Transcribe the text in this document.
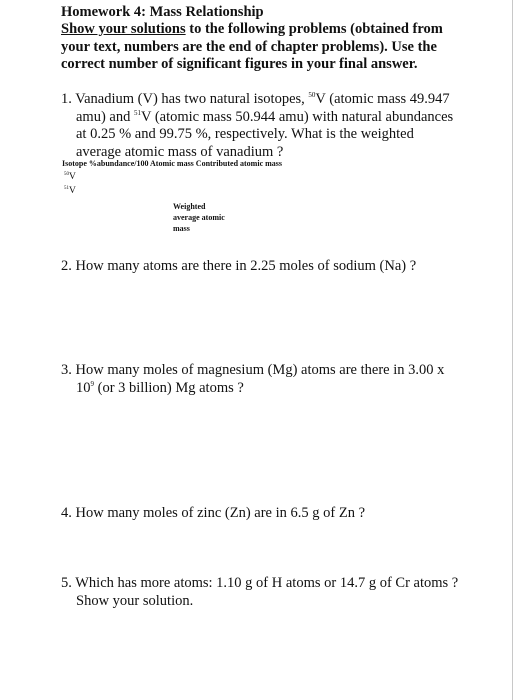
Homework 4: Mass Relationship
Show your solutions to the following problems (obtained from your text, numbers are the end of chapter problems). Use the correct number of significant figures in your final answer.
1. Vanadium (V) has two natural isotopes, $^{50}$V (atomic mass 49.947 amu) and $^{51}$V (atomic mass 50.944 amu) with natural abundances at 0.25 % and 99.75 %, respectively. What is the weighted average atomic mass of vanadium ?
Isotope %abundance/100 Atomic mass Contributed atomic mass
$^{50}$V
$^{51}$V
Weighted
average atomic
mass
2. How many atoms are there in 2.25 moles of sodium (Na) ?
3. How many moles of magnesium (Mg) atoms are there in 3.00 x $10^9$ (or 3 billion) Mg atoms ?
4. How many moles of zinc (Zn) are in 6.5 g of Zn ?
5. Which has more atoms: 1.10 g of H atoms or 14.7 g of Cr atoms ? Show your solution.
